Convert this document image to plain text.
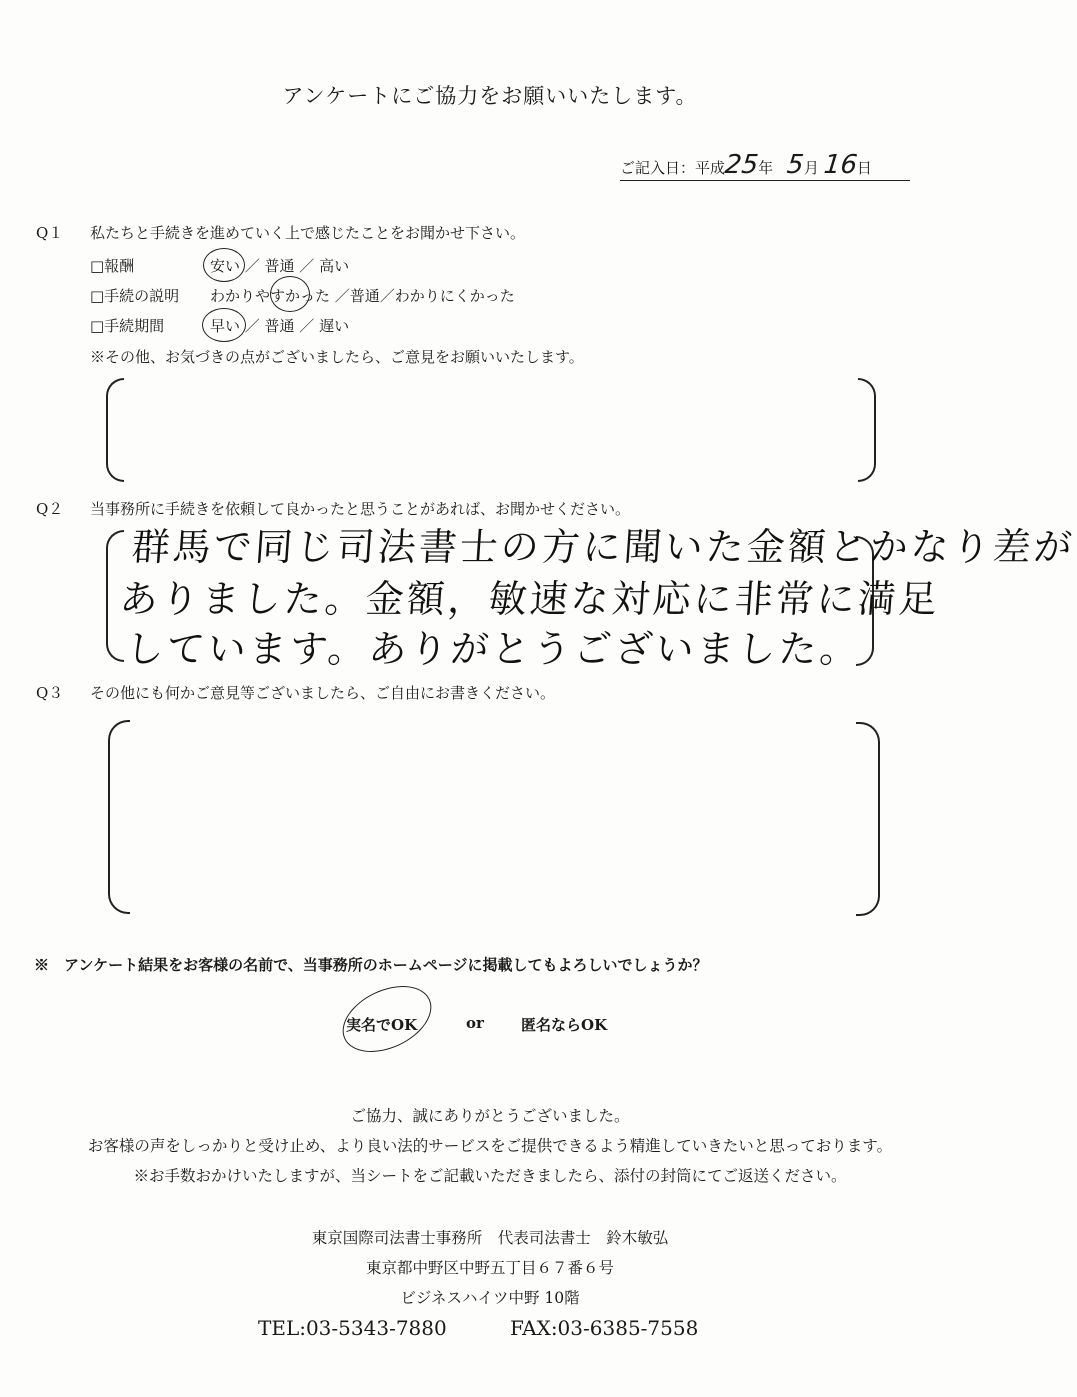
アンケートにご協力をお願いいたします。
ご記入日：平成25年 5月 16日
Q１ 私たちと手続きを進めていく上で感じたことをお聞かせ下さい。
□報酬	安い ／ 普通 ／ 高い
□手続の説明 わかりやすかった ／普通／わかりにくかった
□手続期間	早い ／ 普通 ／ 遅い
※その他、お気づきの点がございましたら、ご意見をお願いいたします。
Q２ 当事務所に手続きを依頼して良かったと思うことがあれば、お聞かせください。
群馬で同じ司法書士の方に聞いた金額とかなり差が
ありました。金額，敏速な対応に非常に満足
しています。ありがとうございました。
Q３ その他にも何かご意見等ございましたら、ご自由にお書きください。
※　アンケート結果をお客様の名前で、当事務所のホームページに掲載してもよろしいでしょうか？
実名でOK	or 匿名ならOK
ご協力、誠にありがとうございました。
お客様の声をしっかりと受け止め、より良い法的サービスをご提供できるよう精進していきたいと思っております。
※お手数おかけいたしますが、当シートをご記載いただきましたら、添付の封筒にてご返送ください。
東京国際司法書士事務所　代表司法書士　鈴木敏弘
東京都中野区中野五丁目６７番６号
ビジネスハイツ中野 10階
TEL:03-5343-7880	FAX:03-6385-7558
